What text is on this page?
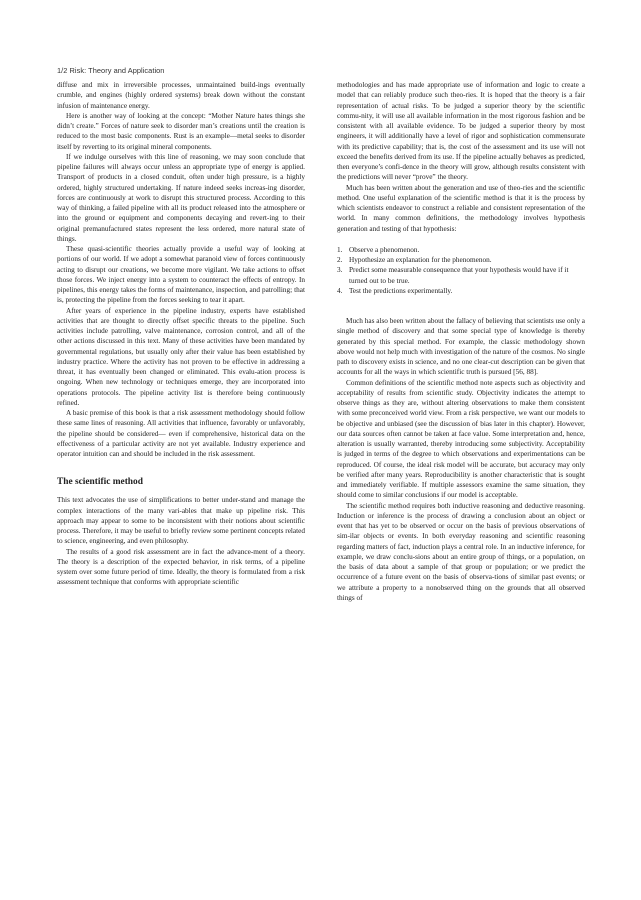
1/2 Risk: Theory and Application

diffuse and mix in irreversible processes, unmaintained build-ings eventually crumble, and engines (highly ordered systems) break down without the constant infusion of maintenance energy.

Here is another way of looking at the concept: “Mother Nature hates things she didn’t create.” Forces of nature seek to disorder man’s creations until the creation is reduced to the most basic components. Rust is an example—metal seeks to disorder itself by reverting to its original mineral components.

If we indulge ourselves with this line of reasoning, we may soon conclude that pipeline failures will always occur unless an appropriate type of energy is applied. Transport of products in a closed conduit, often under high pressure, is a highly ordered, highly structured undertaking. If nature indeed seeks increas-ing disorder, forces are continuously at work to disrupt this structured process. According to this way of thinking, a failed pipeline with all its product released into the atmosphere or into the ground or equipment and components decaying and revert-ing to their original premanufactured states represent the less ordered, more natural state of things.

These quasi-scientific theories actually provide a useful way of looking at portions of our world. If we adopt a somewhat paranoid view of forces continuously acting to disrupt our creations, we become more vigilant. We take actions to offset those forces. We inject energy into a system to counteract the effects of entropy. In pipelines, this energy takes the forms of maintenance, inspection, and patrolling; that is, protecting the pipeline from the forces seeking to tear it apart.

After years of experience in the pipeline industry, experts have established activities that are thought to directly offset specific threats to the pipeline. Such activities include patrolling, valve maintenance, corrosion control, and all of the other actions discussed in this text. Many of these activities have been mandated by governmental regulations, but usually only after their value has been established by industry practice. Where the activity has not proven to be effective in addressing a threat, it has eventually been changed or eliminated. This evalu-ation process is ongoing. When new technology or techniques emerge, they are incorporated into operations protocols. The pipeline activity list is therefore being continuously refined.

A basic premise of this book is that a risk assessment methodology should follow these same lines of reasoning. All activities that influence, favorably or unfavorably, the pipeline should be considered— even if comprehensive, historical data on the effectiveness of a particular activity are not yet available. Industry experience and operator intuition can and should be included in the risk assessment.

The scientific method

This text advocates the use of simplifications to better under-stand and manage the complex interactions of the many vari-ables that make up pipeline risk. This approach may appear to some to be inconsistent with their notions about scientific process. Therefore, it may be useful to briefly review some pertinent concepts related to science, engineering, and even philosophy.

The results of a good risk assessment are in fact the advance-ment of a theory. The theory is a description of the expected behavior, in risk terms, of a pipeline system over some future period of time. Ideally, the theory is formulated from a risk assessment technique that conforms with appropriate scientific

methodologies and has made appropriate use of information and logic to create a model that can reliably produce such theo-ries. It is hoped that the theory is a fair representation of actual risks. To be judged a superior theory by the scientific commu-nity, it will use all available information in the most rigorous fashion and be consistent with all available evidence. To be judged a superior theory by most engineers, it will additionally have a level of rigor and sophistication commensurate with its predictive capability; that is, the cost of the assessment and its use will not exceed the benefits derived from its use. If the pipeline actually behaves as predicted, then everyone’s confi-dence in the theory will grow, although results consistent with the predictions will never “prove” the theory.

Much has been written about the generation and use of theo-ries and the scientific method. One useful explanation of the scientific method is that it is the process by which scientists endeavor to construct a reliable and consistent representation of the world. In many common definitions, the methodology involves hypothesis generation and testing of that hypothesis:

1. Observe a phenomenon.
2. Hypothesize an explanation for the phenomenon.
3. Predict some measurable consequence that your hypothesis would have if it turned out to be true.
4. Test the predictions experimentally.

Much has also been written about the fallacy of believing that scientists use only a single method of discovery and that some special type of knowledge is thereby generated by this special method. For example, the classic methodology shown above would not help much with investigation of the nature of the cosmos. No single path to discovery exists in science, and no one clear-cut description can be given that accounts for all the ways in which scientific truth is pursued [56, 88].

Common definitions of the scientific method note aspects such as objectivity and acceptability of results from scientific study. Objectivity indicates the attempt to observe things as they are, without altering observations to make them consistent with some preconceived world view. From a risk perspective, we want our models to be objective and unbiased (see the discussion of bias later in this chapter). However, our data sources often cannot be taken at face value. Some interpretation and, hence, alteration is usually warranted, thereby introducing some subjectivity. Acceptability is judged in terms of the degree to which observations and experimentations can be reproduced. Of course, the ideal risk model will be accurate, but accuracy may only be verified after many years. Reproducibility is another characteristic that is sought and immediately verifiable. If multiple assessors examine the same situation, they should come to similar conclusions if our model is acceptable.

The scientific method requires both inductive reasoning and deductive reasoning. Induction or inference is the process of drawing a conclusion about an object or event that has yet to be observed or occur on the basis of previous observations of sim-ilar objects or events. In both everyday reasoning and scientific reasoning regarding matters of fact, induction plays a central role. In an inductive inference, for example, we draw conclu-sions about an entire group of things, or a population, on the basis of data about a sample of that group or population; or we predict the occurrence of a future event on the basis of observa-tions of similar past events; or we attribute a property to a nonobserved thing on the grounds that all observed things of
